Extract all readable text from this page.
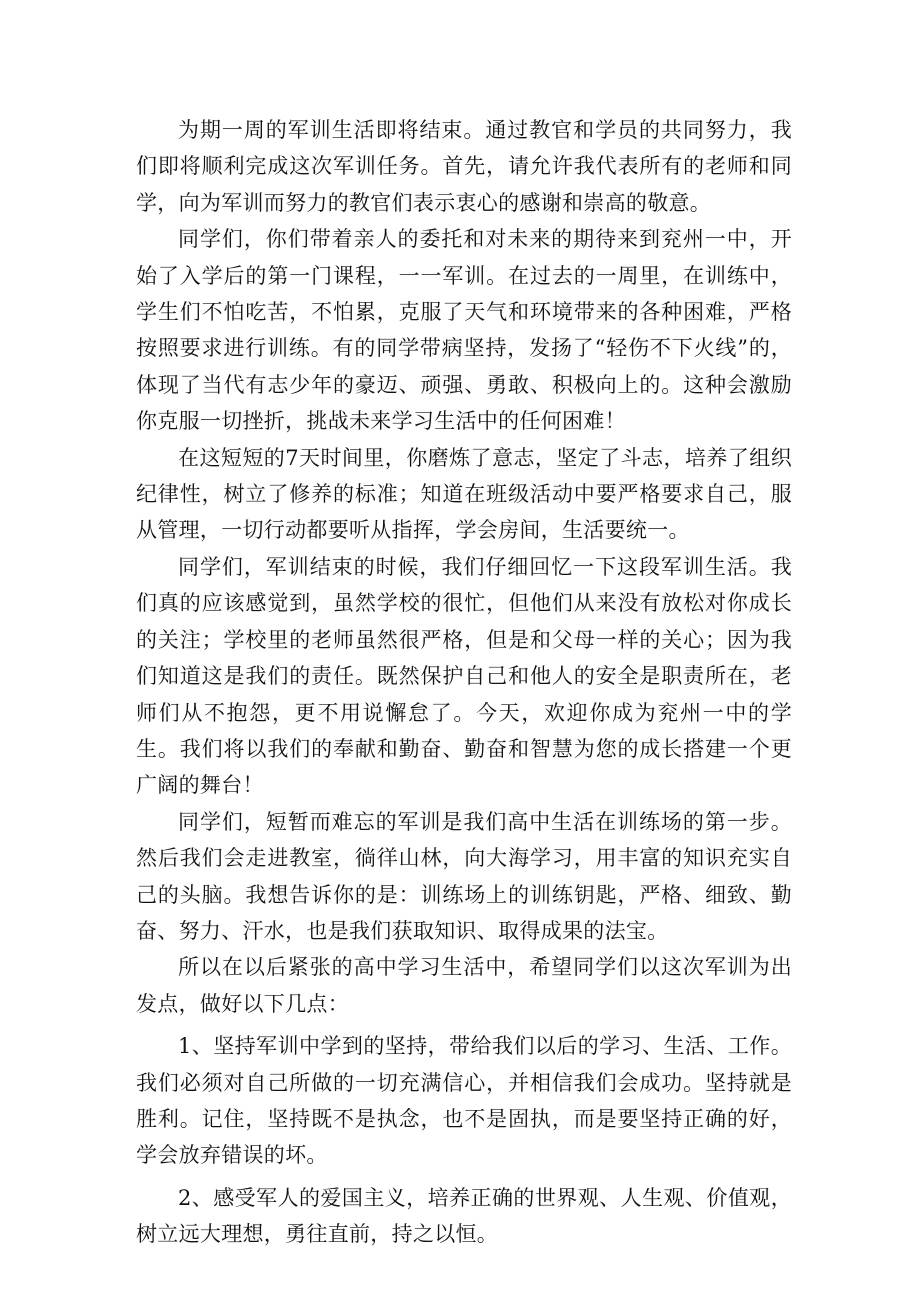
为期一周的军训生活即将结束。通过教官和学员的共同努力，我们即将顺利完成这次军训任务。首先，请允许我代表所有的老师和同学，向为军训而努力的教官们表示衷心的感谢和崇高的敬意。

同学们，你们带着亲人的委托和对未来的期待来到兖州一中，开始了入学后的第一门课程，一一军训。在过去的一周里，在训练中，学生们不怕吃苦，不怕累，克服了天气和环境带来的各种困难，严格按照要求进行训练。有的同学带病坚持，发扬了“轻伤不下火线”的，体现了当代有志少年的豪迈、顽强、勇敢、积极向上的。这种会激励你克服一切挫折，挑战未来学习生活中的任何困难！

在这短短的7天时间里，你磨炼了意志，坚定了斗志，培养了组织纪律性，树立了修养的标准；知道在班级活动中要严格要求自己，服从管理，一切行动都要听从指挥，学会房间，生活要统一。

同学们，军训结束的时候，我们仔细回忆一下这段军训生活。我们真的应该感觉到，虽然学校的很忙，但他们从来没有放松对你成长的关注；学校里的老师虽然很严格，但是和父母一样的关心；因为我们知道这是我们的责任。既然保护自己和他人的安全是职责所在，老师们从不抱怨，更不用说懈怠了。今天，欢迎你成为兖州一中的学生。我们将以我们的奉献和勤奋、勤奋和智慧为您的成长搭建一个更广阔的舞台！

同学们，短暂而难忘的军训是我们高中生活在训练场的第一步。然后我们会走进教室，徜徉山林，向大海学习，用丰富的知识充实自己的头脑。我想告诉你的是：训练场上的训练钥匙，严格、细致、勤奋、努力、汗水，也是我们获取知识、取得成果的法宝。

所以在以后紧张的高中学习生活中，希望同学们以这次军训为出发点，做好以下几点：

1、坚持军训中学到的坚持，带给我们以后的学习、生活、工作。我们必须对自己所做的一切充满信心，并相信我们会成功。坚持就是胜利。记住，坚持既不是执念，也不是固执，而是要坚持正确的好，学会放弃错误的坏。

2、感受军人的爱国主义，培养正确的世界观、人生观、价值观，树立远大理想，勇往直前，持之以恒。
